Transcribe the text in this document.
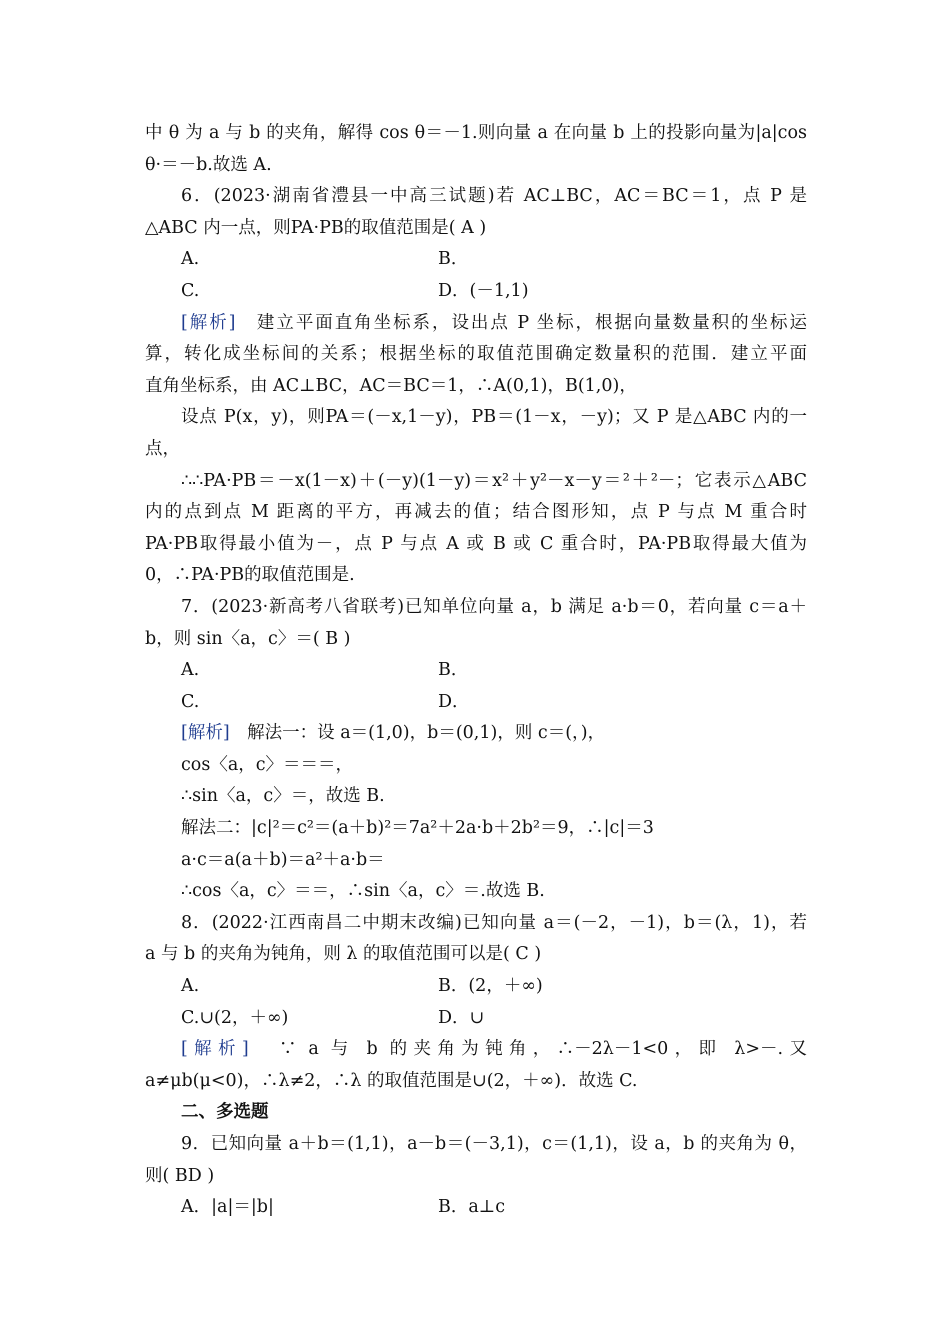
中 θ 为 a 与 b 的夹角，解得 cos θ＝－1.则向量 a 在向量 b 上的投影向量为|a|cos
θ·＝－b.故选 A.
6．(2023·湖南省澧县一中高三试题)若 AC⊥BC，AC＝BC＝1，点 P 是
△ABC 内一点，则PA·PB的取值范围是( A )
A.	B．
C.	D．(－1,1)
[解析]　 建立平面直角坐标系，设出点 P 坐标，根据向量数量积的坐标运
算，转化成坐标间的关系；根据坐标的取值范围确定数量积的范围．建立平面
直角坐标系，由 AC⊥BC，AC＝BC＝1，∴A(0,1)，B(1,0)，
设点 P(x，y)，则PA＝(－x,1－y)，PB＝(1－x，－y)；又 P 是△ABC 内的一
点，
∴∴PA·PB＝－x(1－x)＋(－y)(1－y)＝x²＋y²－x－y＝²＋²－；它表示△ABC
内的点到点 M 距离的平方，再减去的值；结合图形知，点 P 与点 M 重合时
PA·PB取得最小值为－，点 P 与点 A 或 B 或 C 重合时，PA·PB取得最大值为
0，∴PA·PB的取值范围是.
7．(2023·新高考八省联考)已知单位向量 a，b 满足 a·b＝0，若向量 c＝a＋
b，则 sin〈a，c〉＝( B )
A.	B．
C.	D．
[解析]　 解法一：设 a＝(1,0)，b＝(0,1)，则 c＝(，)，
cos〈a，c〉＝＝＝，
∴sin〈a，c〉＝，故选 B.
解法二：|c|²＝c²＝(a＋b)²＝7a²＋2a·b＋2b²＝9，∴|c|＝3
a·c＝a(a＋b)＝a²＋a·b＝
∴cos〈a，c〉＝＝，∴sin〈a，c〉＝.故选 B.
8．(2022·江西南昌二中期末改编)已知向量 a＝(－2，－1)，b＝(λ，1)，若
a 与 b 的夹角为钝角，则 λ 的取值范围可以是( C )
A.	B．(2，＋∞)
C.∪(2，＋∞)	D．∪
[解析]　 ∵ a 与 b 的夹角为钝角，∴－2λ－1<0，即 λ>－.又
a≠μb(μ<0)，∴λ≠2，∴λ 的取值范围是∪(2，＋∞)．故选 C.
二、多选题
9．已知向量 a＋b＝(1,1)，a－b＝(－3,1)，c＝(1,1)，设 a，b 的夹角为 θ，
则( BD )
A．|a|＝|b|	B．a⊥c
